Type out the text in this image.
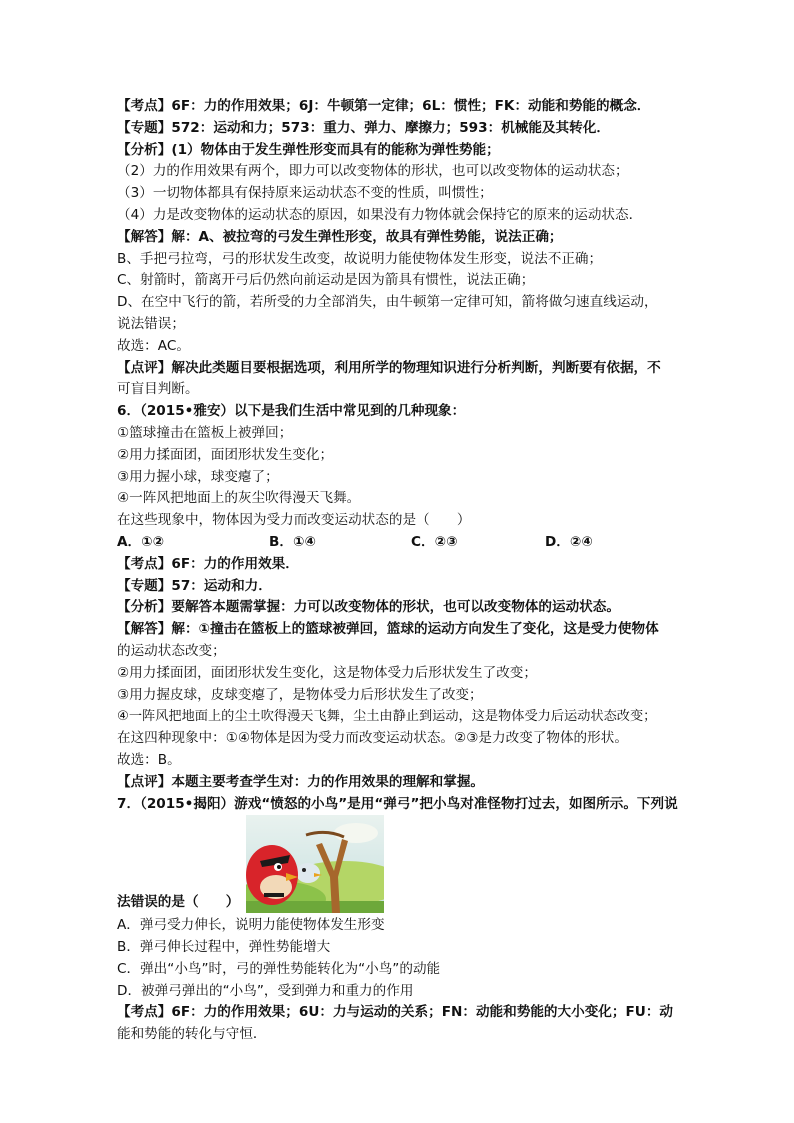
【考点】6F：力的作用效果；6J：牛顿第一定律；6L：惯性；FK：动能和势能的概念．
【专题】572：运动和力；573：重力、弹力、摩擦力；593：机械能及其转化．
【分析】(1）物体由于发生弹性形变而具有的能称为弹性势能；
（2）力的作用效果有两个，即力可以改变物体的形状，也可以改变物体的运动状态；
（3）一切物体都具有保持原来运动状态不变的性质，叫惯性；
（4）力是改变物体的运动状态的原因，如果没有力物体就会保持它的原来的运动状态．
【解答】解：A、被拉弯的弓发生弹性形变，故具有弹性势能，说法正确；
B、手把弓拉弯，弓的形状发生改变，故说明力能使物体发生形变，说法不正确；
C、射箭时，箭离开弓后仍然向前运动是因为箭具有惯性，说法正确；
D、在空中飞行的箭，若所受的力全部消失，由牛顿第一定律可知，箭将做匀速直线运动，
说法错误；
故选：AC。
【点评】解决此类题目要根据选项，利用所学的物理知识进行分析判断，判断要有依据，不
可盲目判断。
6．（2015•雅安）以下是我们生活中常见到的几种现象：
①篮球撞击在篮板上被弹回；
②用力揉面团，面团形状发生变化；
③用力握小球，球变瘪了；
④一阵风把地面上的灰尘吹得漫天飞舞。
在这些现象中，物体因为受力而改变运动状态的是（　　）
A．①②	B．①④	C．②③	D．②④
【考点】6F：力的作用效果．
【专题】57：运动和力．
【分析】要解答本题需掌握：力可以改变物体的形状，也可以改变物体的运动状态。
【解答】解：①撞击在篮板上的篮球被弹回，篮球的运动方向发生了变化，这是受力使物体
的运动状态改变；
②用力揉面团，面团形状发生变化，这是物体受力后形状发生了改变；
③用力握皮球，皮球变瘪了，是物体受力后形状发生了改变；
④一阵风把地面上的尘土吹得漫天飞舞，尘土由静止到运动，这是物体受力后运动状态改变；
在这四种现象中：①④物体是因为受力而改变运动状态。②③是力改变了物体的形状。
故选：B。
【点评】本题主要考查学生对：力的作用效果的理解和掌握。
7．（2015•揭阳）游戏“愤怒的小鸟”是用“弹弓”把小鸟对准怪物打过去，如图所示。下列说
法错误的是（　　）
A．弹弓受力伸长，说明力能使物体发生形变
B．弹弓伸长过程中，弹性势能增大
C．弹出“小鸟”时，弓的弹性势能转化为“小鸟”的动能
D．被弹弓弹出的“小鸟”，受到弹力和重力的作用
【考点】6F：力的作用效果；6U：力与运动的关系；FN：动能和势能的大小变化；FU：动
能和势能的转化与守恒．
